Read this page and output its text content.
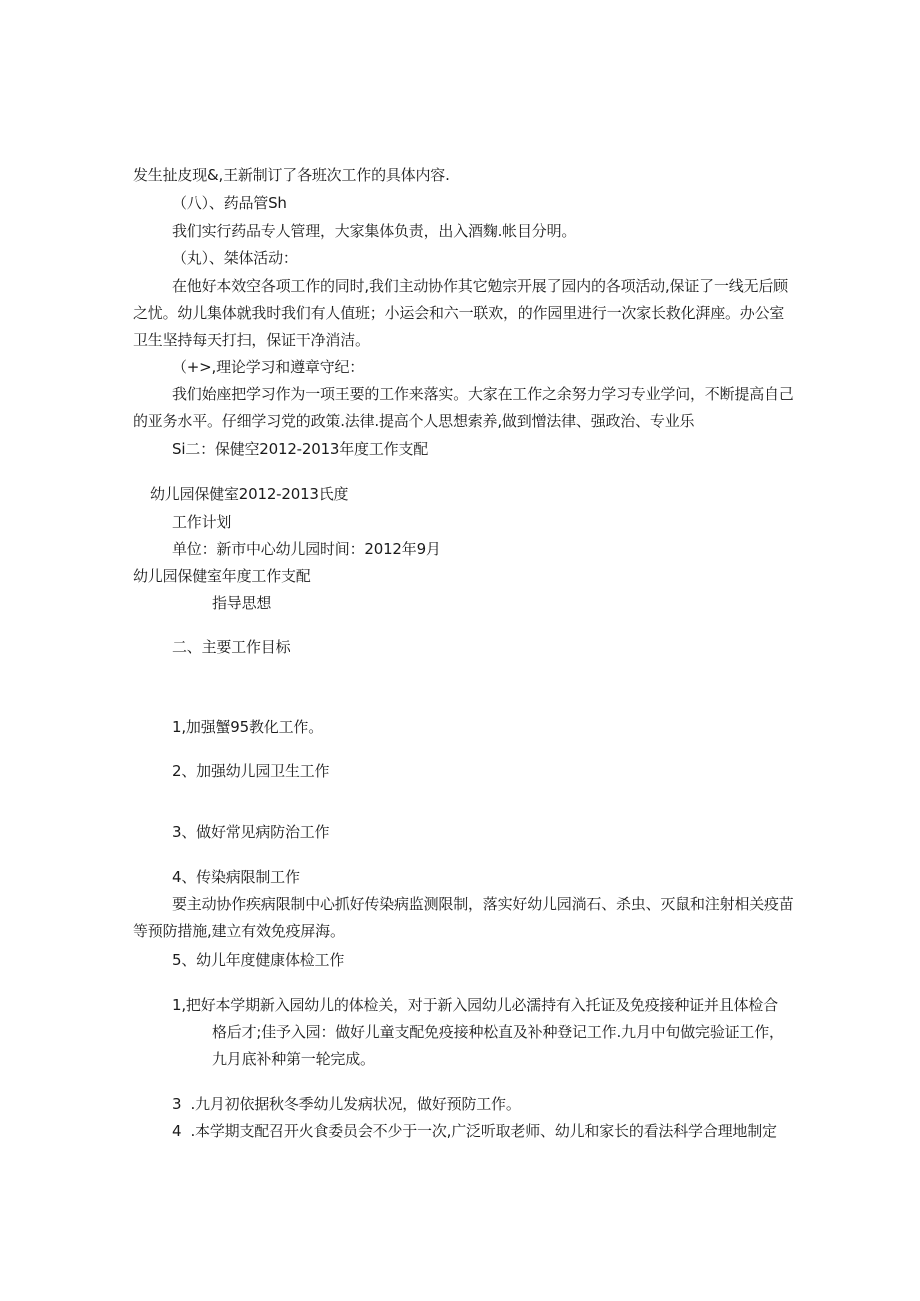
发生扯皮现&,王新制订了各班次工作的具体内容.
（八）、药品管Sh
我们实行药品专人管理，大家集体负责，出入酒麴.帐目分明。
（丸）、桀体活动：
在他好本效空各项工作的同时,我们主动协作其它勉宗开展了园内的各项活动,保证了一线无后顾
之忧。幼儿集体就我时我们有人值班；小运会和六一联欢，的作园里进行一次家长救化湃座。办公室
卫生坚持每天打扫，保证干净消洁。
（+>,理论学习和遵章守纪：
我们始座把学习作为一项王要的工作来落实。大家在工作之余努力学习专业学问，不断提高自己
的亚务水平。仔细学习党的政策.法律.提高个人思想索养,做到憎法律、强政治、专业乐
Si二：保健空2012-2013年度工作支配
幼儿园保健室2012-2013氏度
工作计划
单位：新市中心幼儿园时间：2012年9月
幼儿园保健室年度工作支配
指导思想
二、主要工作目标
1,加强蟹95教化工作。
2、加强幼儿园卫生工作
3、做好常见病防治工作
4、传染病限制工作
要主动协作疾病限制中心抓好传染病监测限制，落实好幼儿园淌石、杀虫、灭鼠和注射相关疫苗
等预防措施,建立有效免疫屏海。
5、幼儿年度健康体检工作
1,把好本学期新入园幼儿的体检关，对于新入园幼儿必濡持有入托证及免疫接种证并且体检合
格后才;佳予入园：做好儿童支配免疫接种松直及补种登记工作.九月中旬做完验证工作，
九月底补种第一轮完成。
3  .九月初依据秋冬季幼儿发病状况，做好预防工作。
4  .本学期支配召开火食委员会不少于一次,广泛听取老师、幼儿和家长的看法科学合理地制定
